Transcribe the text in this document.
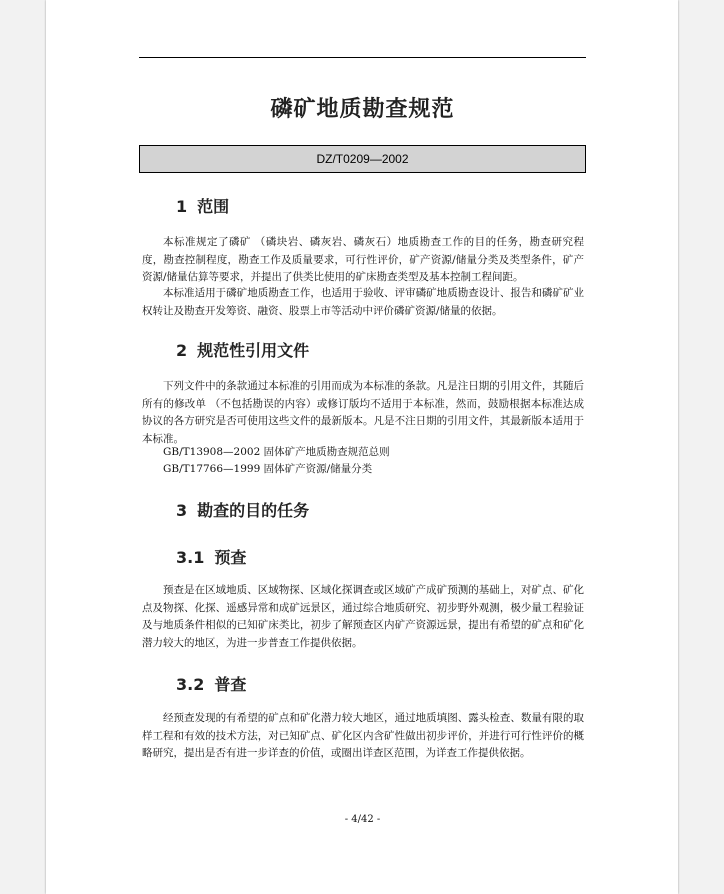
磷矿地质勘查规范
DZ/T0209—2002
1 范围

本标准规定了磷矿 （磷块岩、磷灰岩、磷灰石）地质勘查工作的目的任务，勘查研究程度，勘查控制程度，勘查工作及质量要求，可行性评价，矿产资源/储量分类及类型条件，矿产资源/储量估算等要求，并提出了供类比使用的矿床勘查类型及基本控制工程间距。

本标准适用于磷矿地质勘查工作，也适用于验收、评审磷矿地质勘查设计、报告和磷矿矿业权转让及勘查开发筹资、融资、股票上市等活动中评价磷矿资源/储量的依据。

2 规范性引用文件

下列文件中的条款通过本标准的引用而成为本标准的条款。凡是注日期的引用文件，其随后所有的修改单 （不包括勘误的内容）或修订版均不适用于本标准，然而，鼓励根据本标准达成协议的各方研究是否可使用这些文件的最新版本。凡是不注日期的引用文件，其最新版本适用于本标准。

GB/T13908—2002 固体矿产地质勘查规范总则
GB/T17766—1999 固体矿产资源/储量分类
3 勘查的目的任务
3.1 预查

预查是在区域地质、区域物探、区域化探调查或区域矿产成矿预测的基础上，对矿点、矿化点及物探、化探、遥感异常和成矿远景区，通过综合地质研究、初步野外观测，极少量工程验证及与地质条件相似的已知矿床类比，初步了解预查区内矿产资源远景，提出有希望的矿点和矿化潜力较大的地区，为进一步普查工作提供依据。

3.2 普查

经预查发现的有希望的矿点和矿化潜力较大地区，通过地质填图、露头检查、数量有限的取样工程和有效的技术方法，对已知矿点、矿化区内含矿性做出初步评价，并进行可行性评价的概略研究，提出是否有进一步详查的价值，或圈出详查区范围，为详查工作提供依据。

- 4/42 -
